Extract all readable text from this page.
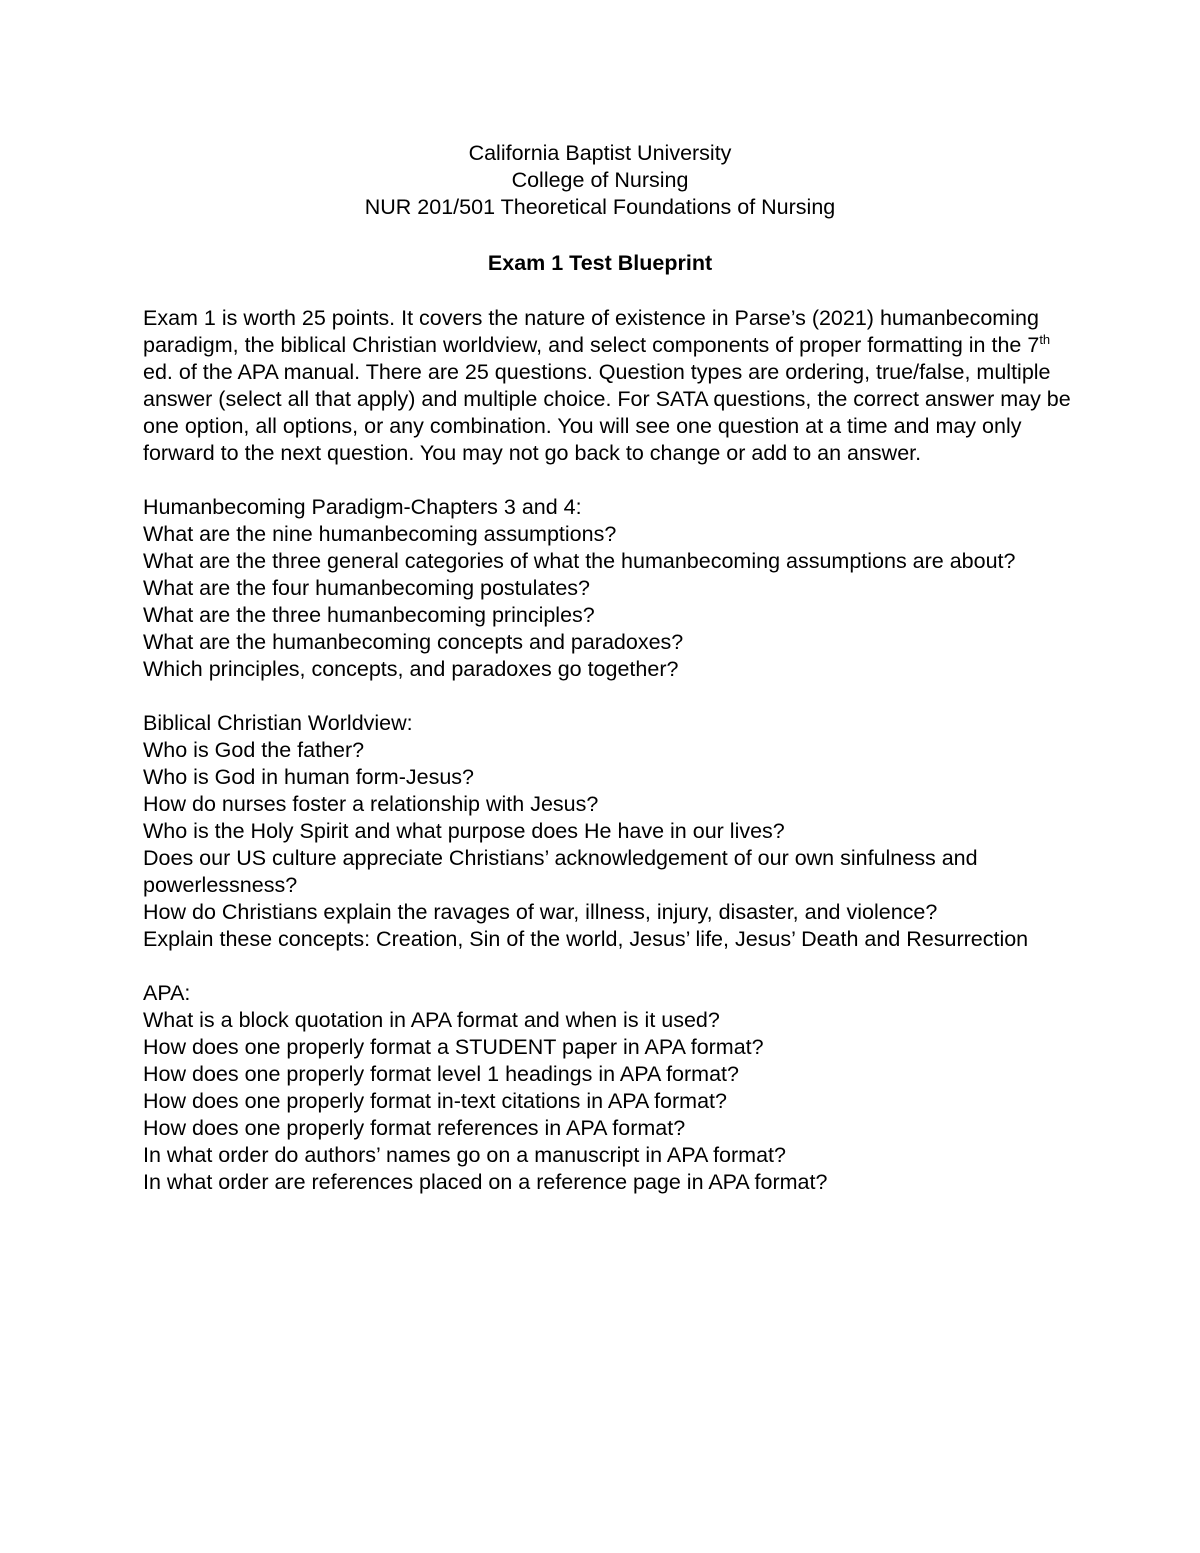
California Baptist University
College of Nursing
NUR 201/501 Theoretical Foundations of Nursing
Exam 1 Test Blueprint

Exam 1 is worth 25 points. It covers the nature of existence in Parse’s (2021) humanbecoming paradigm, the biblical Christian worldview, and select components of proper formatting in the 7th ed. of the APA manual. There are 25 questions. Question types are ordering, true/false, multiple answer (select all that apply) and multiple choice. For SATA questions, the correct answer may be one option, all options, or any combination. You will see one question at a time and may only forward to the next question. You may not go back to change or add to an answer.

Humanbecoming Paradigm-Chapters 3 and 4:
What are the nine humanbecoming assumptions?
What are the three general categories of what the humanbecoming assumptions are about?
What are the four humanbecoming postulates?
What are the three humanbecoming principles?
What are the humanbecoming concepts and paradoxes?
Which principles, concepts, and paradoxes go together?
Biblical Christian Worldview:
Who is God the father?
Who is God in human form-Jesus?
How do nurses foster a relationship with Jesus?
Who is the Holy Spirit and what purpose does He have in our lives?
Does our US culture appreciate Christians’ acknowledgement of our own sinfulness and powerlessness?
How do Christians explain the ravages of war, illness, injury, disaster, and violence?
Explain these concepts: Creation, Sin of the world, Jesus’ life, Jesus’ Death and Resurrection
APA:
What is a block quotation in APA format and when is it used?
How does one properly format a STUDENT paper in APA format?
How does one properly format level 1 headings in APA format?
How does one properly format in-text citations in APA format?
How does one properly format references in APA format?
In what order do authors’ names go on a manuscript in APA format?
In what order are references placed on a reference page in APA format?
